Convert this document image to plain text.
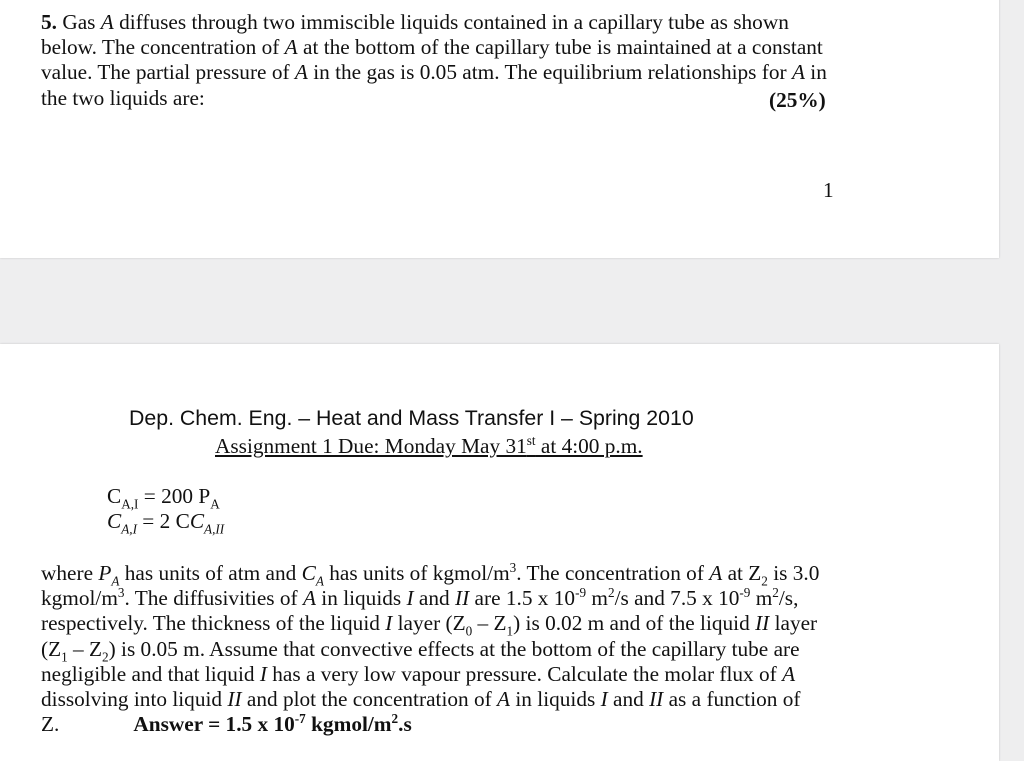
5. Gas A diffuses through two immiscible liquids contained in a capillary tube as shown below. The concentration of A at the bottom of the capillary tube is maintained at a constant value. The partial pressure of A in the gas is 0.05 atm. The equilibrium relationships for A in the two liquids are:	(25%)
1
Dep. Chem. Eng. – Heat and Mass Transfer I – Spring 2010
Assignment 1 Due: Monday May 31st at 4:00 p.m.
$C_{A,I} = 200$ $P_A$
$C_{A,I} = 2$ $CC_{A,II}$
where $P_A$ has units of atm and $C_A$ has units of kgmol/$m^3$. The concentration of A at $Z_2$ is 3.0 kgmol/$m^3$. The diffusivities of A in liquids I and II are 1.5 x $10^{-9}$ $m^2/s$ and 7.5 x $10^{-9}$ $m^2/s$, respectively. The thickness of the liquid I layer $(Z_0 - Z_1)$ is 0.02 m and of the liquid II layer $(Z_1 - Z_2)$ is 0.05 m. Assume that convective effects at the bottom of the capillary tube are negligible and that liquid I has a very low vapour pressure. Calculate the molar flux of A dissolving into liquid II and plot the concentration of A in liquids I and II as a function of Z.	Answer = 1.5 x $10^{-7}$ kgmol/$m^2.s$
